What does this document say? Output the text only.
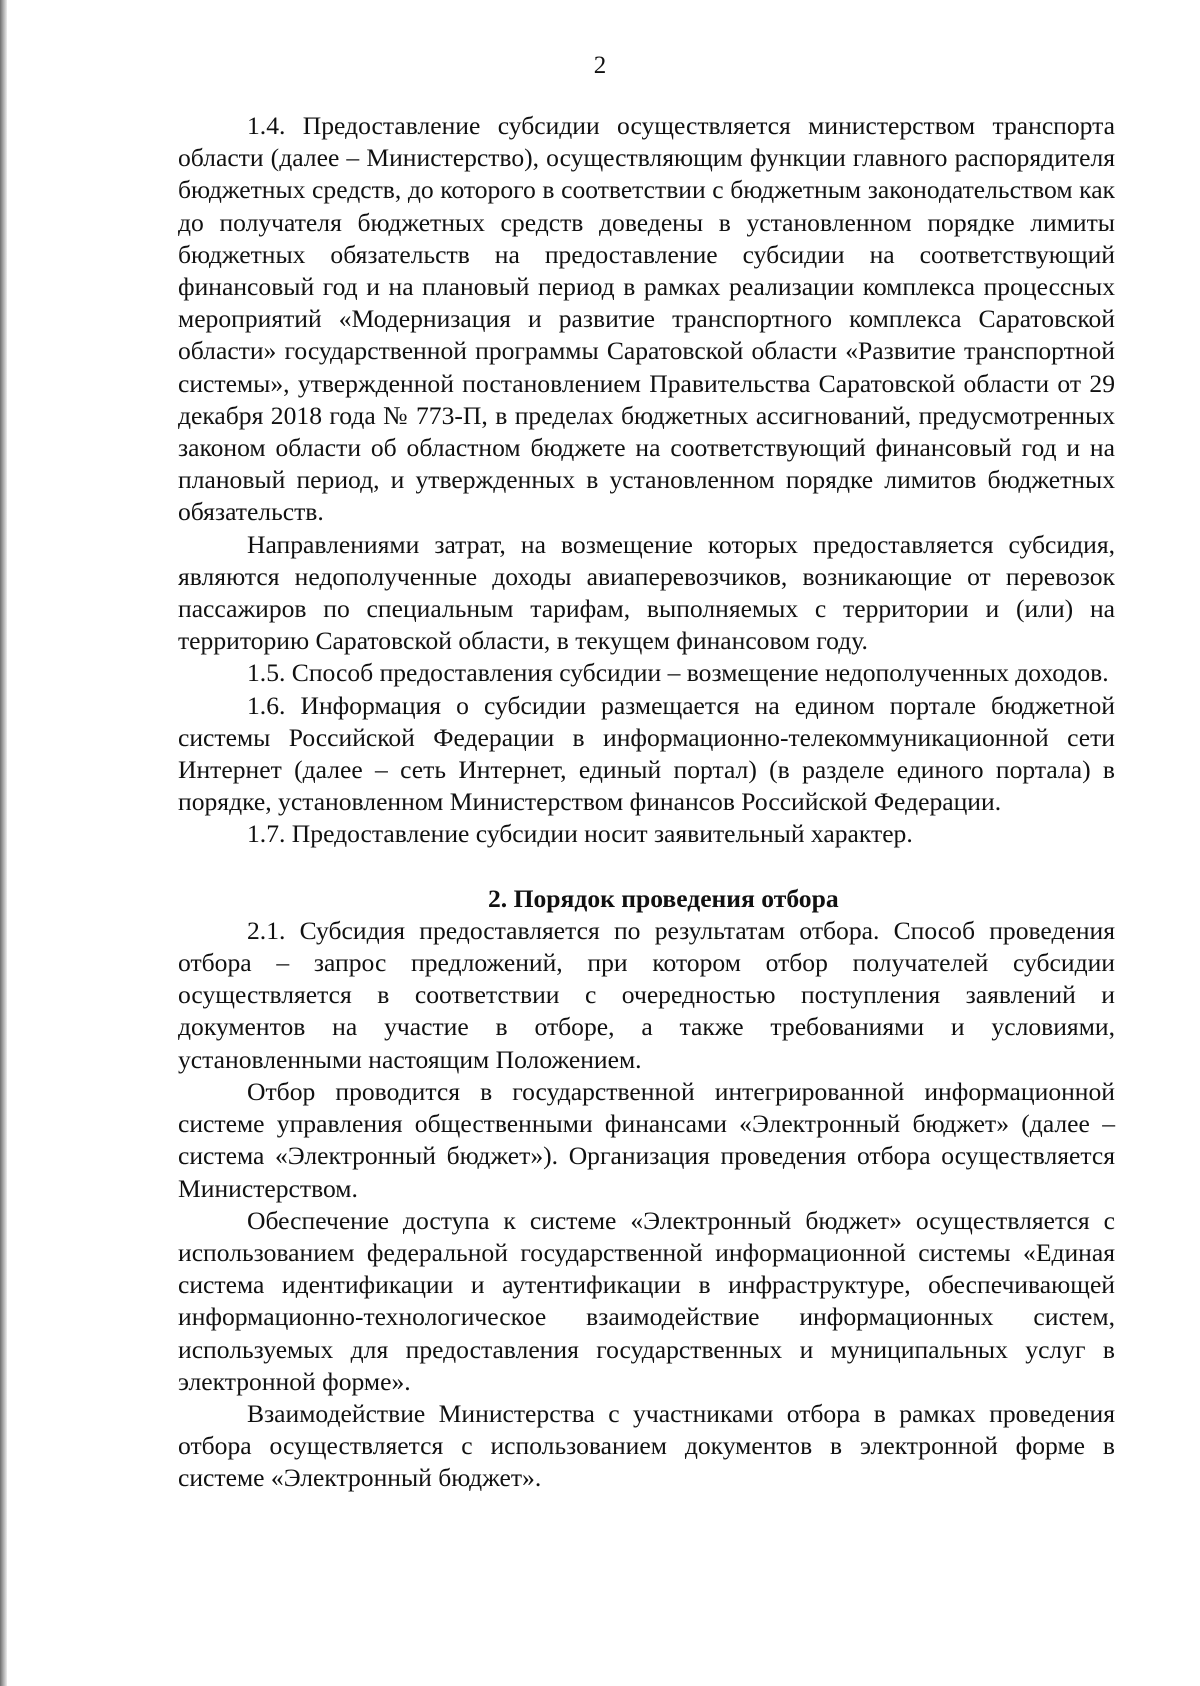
2

1.4. Предоставление субсидии осуществляется министерством транспорта области (далее – Министерство), осуществляющим функции главного распорядителя бюджетных средств, до которого в соответствии с бюджетным законодательством как до получателя бюджетных средств доведены в установленном порядке лимиты бюджетных обязательств на предоставление субсидии на соответствующий финансовый год и на плановый период в рамках реализации комплекса процессных мероприятий «Модернизация и развитие транспортного комплекса Саратовской области» государственной программы Саратовской области «Развитие транспортной системы», утвержденной постановлением Правительства Саратовской области от 29 декабря 2018 года № 773-П, в пределах бюджетных ассигнований, предусмотренных законом области об областном бюджете на соответствующий финансовый год и на плановый период, и утвержденных в установленном порядке лимитов бюджетных обязательств.

Направлениями затрат, на возмещение которых предоставляется субсидия, являются недополученные доходы авиаперевозчиков, возникающие от перевозок пассажиров по специальным тарифам, выполняемых с территории и (или) на территорию Саратовской области, в текущем финансовом году.

1.5. Способ предоставления субсидии – возмещение недополученных доходов.

1.6. Информация о субсидии размещается на едином портале бюджетной системы Российской Федерации в информационно-телекоммуникационной сети Интернет (далее – сеть Интернет, единый портал) (в разделе единого портала) в порядке, установленном Министерством финансов Российской Федерации.

1.7. Предоставление субсидии носит заявительный характер.

2. Порядок проведения отбора

2.1. Субсидия предоставляется по результатам отбора. Способ проведения отбора – запрос предложений, при котором отбор получателей субсидии осуществляется в соответствии с очередностью поступления заявлений и документов на участие в отборе, а также требованиями и условиями, установленными настоящим Положением.

Отбор проводится в государственной интегрированной информационной системе управления общественными финансами «Электронный бюджет» (далее – система «Электронный бюджет»). Организация проведения отбора осуществляется Министерством.

Обеспечение доступа к системе «Электронный бюджет» осуществляется с использованием федеральной государственной информационной системы «Единая система идентификации и аутентификации в инфраструктуре, обеспечивающей информационно-технологическое взаимодействие информационных систем, используемых для предоставления государственных и муниципальных услуг в электронной форме».

Взаимодействие Министерства с участниками отбора в рамках проведения отбора осуществляется с использованием документов в электронной форме в системе «Электронный бюджет».
